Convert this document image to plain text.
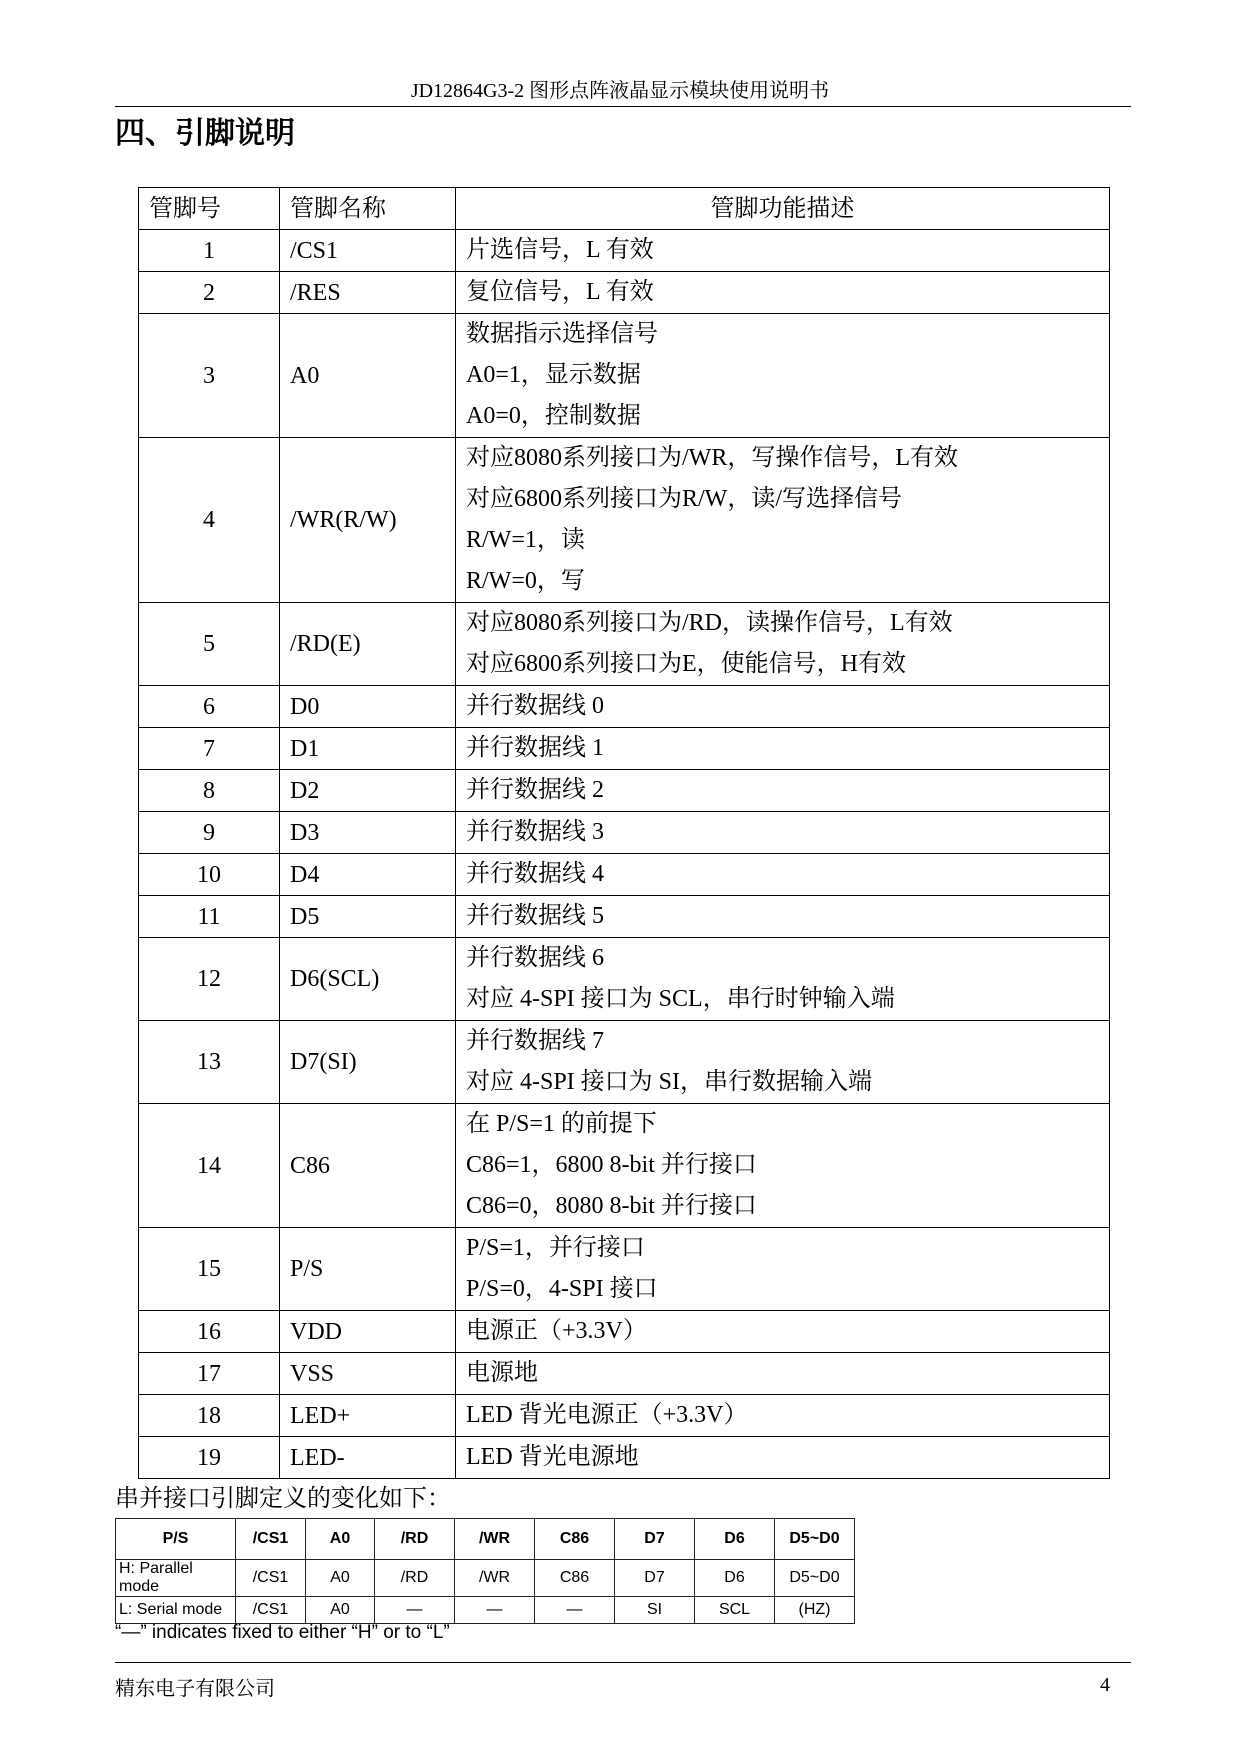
JD12864G3-2 图形点阵液晶显示模块使用说明书
四、引脚说明
管脚号	管脚名称	管脚功能描述
1	/CS1	片选信号，L 有效

2	/RES	复位信号，L 有效

3	A0	数据指示选择信号
A0=1，显示数据
A0=0，控制数据

4	/WR(R/W)	对应8080系列接口为/WR，写操作信号，L有效
对应6800系列接口为R/W，读/写选择信号
R/W=1，读
R/W=0，写

5	/RD(E)	对应8080系列接口为/RD，读操作信号，L有效
对应6800系列接口为E，使能信号，H有效

6	D0	并行数据线 0

7	D1	并行数据线 1

8	D2	并行数据线 2

9	D3	并行数据线 3

10	D4	并行数据线 4

11	D5	并行数据线 5

12	D6(SCL)	并行数据线 6
对应 4-SPI 接口为 SCL，串行时钟输入端

13	D7(SI)	并行数据线 7
对应 4-SPI 接口为 SI，串行数据输入端

14	C86	在 P/S=1 的前提下
C86=1，6800 8-bit 并行接口
C86=0，8080 8-bit 并行接口

15	P/S	P/S=1，并行接口
P/S=0，4-SPI 接口

16	VDD	电源正（+3.3V）

17	VSS	电源地

18	LED+	LED 背光电源正（+3.3V）

19	LED-	LED 背光电源地
串并接口引脚定义的变化如下：
P/S	/CS1	A0	/RD	/WR	C86	D7	D6	D5~D0
H: Parallel mode	/CS1	A0	/RD	/WR	C86	D7	D6	D5~D0
L: Serial mode	/CS1	A0	—	—	—	SI	SCL	(HZ)
“—” indicates fixed to either “H” or to “L”
精东电子有限公司	4
